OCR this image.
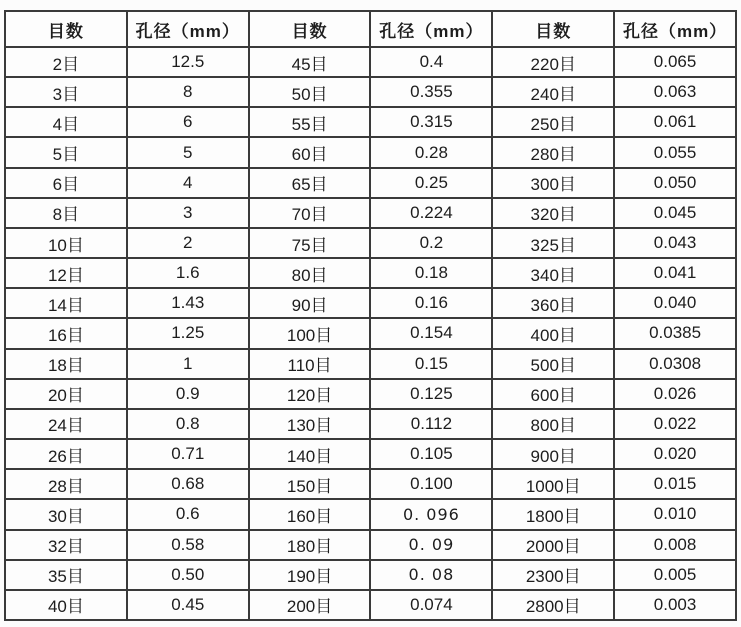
目数	孔径（mm）	目数	孔径（mm）	目数	孔径（mm）
2目	12.5	45目	0.4	220目	0.065
3目	8	50目	0.355	240目	0.063
4目	6	55目	0.315	250目	0.061
5目	5	60目	0.28	280目	0.055
6目	4	65目	0.25	300目	0.050
8目	3	70目	0.224	320目	0.045
10目	2	75目	0.2	325目	0.043
12目	1.6	80目	0.18	340目	0.041
14目	1.43	90目	0.16	360目	0.040
16目	1.25	100目	0.154	400目	0.0385
18目	1	110目	0.15	500目	0.0308
20目	0.9	120目	0.125	600目	0.026
24目	0.8	130目	0.112	800目	0.022
26目	0.71	140目	0.105	900目	0.020
28目	0.68	150目	0.100	1000目	0.015
30目	0.6	160目	0. 096	1800目	0.010
32目	0.58	180目	0. 09	2000目	0.008
35目	0.50	190目	0. 08	2300目	0.005
40目	0.45	200目	0.074	2800目	0.003
